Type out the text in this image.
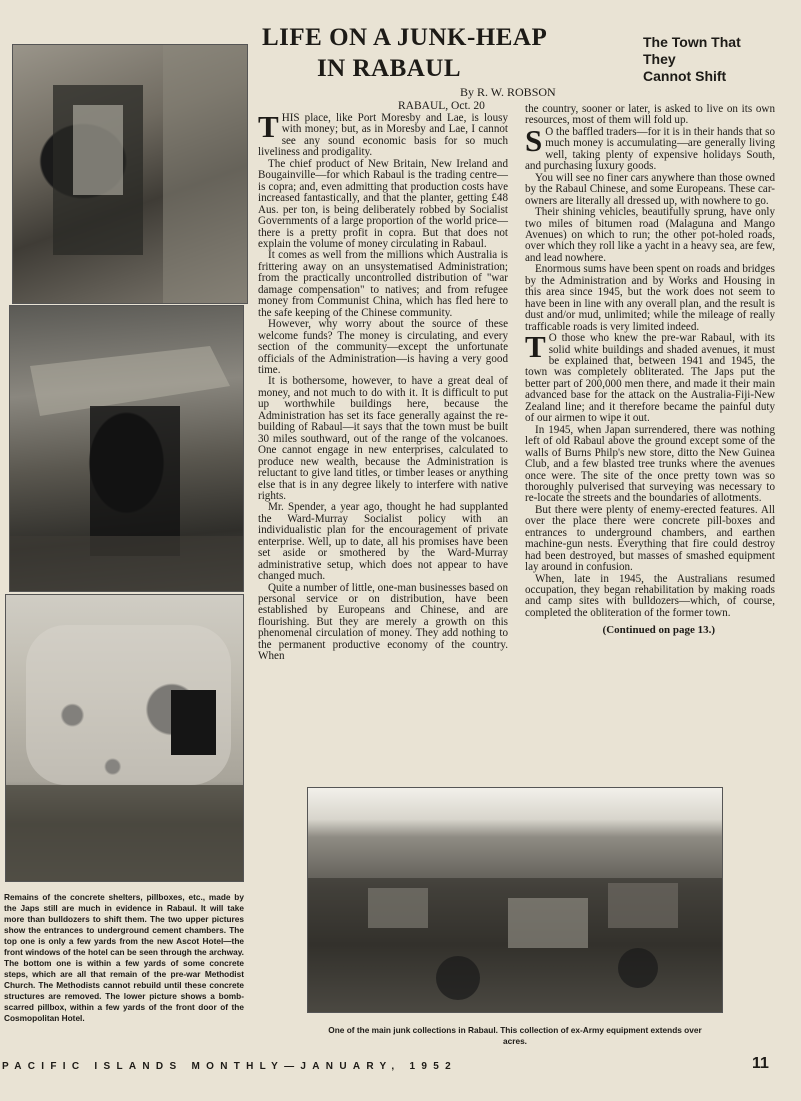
LIFE ON A JUNK-HEAP
IN RABAUL
The Town That
They
Cannot Shift
By R. W. ROBSON
RABAUL, Oct. 20

THIS place, like Port Moresby and Lae, is lousy with money; but, as in Moresby and Lae, I cannot see any sound economic basis for so much liveliness and prodigality.

The chief product of New Britain, New Ireland and Bougainville—for which Rabaul is the trading centre—is copra; and, even admitting that production costs have increased fantastically, and that the planter, getting £48 Aus. per ton, is being deliberately robbed by Socialist Governments of a large proportion of the world price—there is a pretty profit in copra. But that does not explain the volume of money circulating in Rabaul.

It comes as well from the millions which Australia is frittering away on an unsystematised Administration; from the practically uncontrolled distribution of "war damage compensation" to natives; and from refugee money from Communist China, which has fled here to the safe keeping of the Chinese community.

However, why worry about the source of these welcome funds? The money is circulating, and every section of the community—except the unfortunate officials of the Administration—is having a very good time.

It is bothersome, however, to have a great deal of money, and not much to do with it. It is difficult to put up worthwhile buildings here, because the Administration has set its face generally against the re-building of Rabaul—it says that the town must be built 30 miles southward, out of the range of the volcanoes. One cannot engage in new enterprises, calculated to produce new wealth, because the Administration is reluctant to give land titles, or timber leases or anything else that is in any degree likely to interfere with native rights.

Mr. Spender, a year ago, thought he had supplanted the Ward-Murray Socialist policy with an individualistic plan for the encouragement of private enterprise. Well, up to date, all his promises have been set aside or smothered by the Ward-Murray administrative setup, which does not appear to have changed much.

Quite a number of little, one-man businesses based on personal service or on distribution, have been established by Europeans and Chinese, and are flourishing. But they are merely a growth on this phenomenal circulation of money. They add nothing to the permanent productive economy of the country. When

the country, sooner or later, is asked to live on its own resources, most of them will fold up.

SO the baffled traders—for it is in their hands that so much money is accumulating—are generally living well, taking plenty of expensive holidays South, and purchasing luxury goods.

You will see no finer cars anywhere than those owned by the Rabaul Chinese, and some Europeans. These car-owners are literally all dressed up, with nowhere to go.

Their shining vehicles, beautifully sprung, have only two miles of bitumen road (Malaguna and Mango Avenues) on which to run; the other pot-holed roads, over which they roll like a yacht in a heavy sea, are few, and lead nowhere.

Enormous sums have been spent on roads and bridges by the Administration and by Works and Housing in this area since 1945, but the work does not seem to have been in line with any overall plan, and the result is dust and/or mud, unlimited; while the mileage of really trafficable roads is very limited indeed.

TO those who knew the pre-war Rabaul, with its solid white buildings and shaded avenues, it must be explained that, between 1941 and 1945, the town was completely obliterated. The Japs put the better part of 200,000 men there, and made it their main advanced base for the attack on the Australia-Fiji-New Zealand line; and it therefore became the painful duty of our airmen to wipe it out.

In 1945, when Japan surrendered, there was nothing left of old Rabaul above the ground except some of the walls of Burns Philp's new store, ditto the New Guinea Club, and a few blasted tree trunks where the avenues once were. The site of the once pretty town was so thoroughly pulverised that surveying was necessary to re-locate the streets and the boundaries of allotments.

But there were plenty of enemy-erected features. All over the place there were concrete pill-boxes and entrances to underground chambers, and earthen machine-gun nests. Everything that fire could destroy had been destroyed, but masses of smashed equipment lay around in confusion.

When, late in 1945, the Australians resumed occupation, they began rehabilitation by making roads and camp sites with bulldozers—which, of course, completed the obliteration of the former town.

(Continued on page 13.)
Remains of the concrete shelters, pillboxes, etc., made by the Japs still are much in evidence in Rabaul. It will take more than bulldozers to shift them. The two upper pictures show the entrances to underground cement chambers. The top one is only a few yards from the new Ascot Hotel—the front windows of the hotel can be seen through the archway. The bottom one is within a few yards of some concrete steps, which are all that remain of the pre-war Methodist Church. The Methodists cannot rebuild until these concrete structures are removed. The lower picture shows a bomb-scarred pillbox, within a few yards of the front door of the Cosmopolitan Hotel.
One of the main junk collections in Rabaul. This collection of ex-Army equipment extends over acres.
PACIFIC ISLANDS MONTHLY—JANUARY, 1952	11
